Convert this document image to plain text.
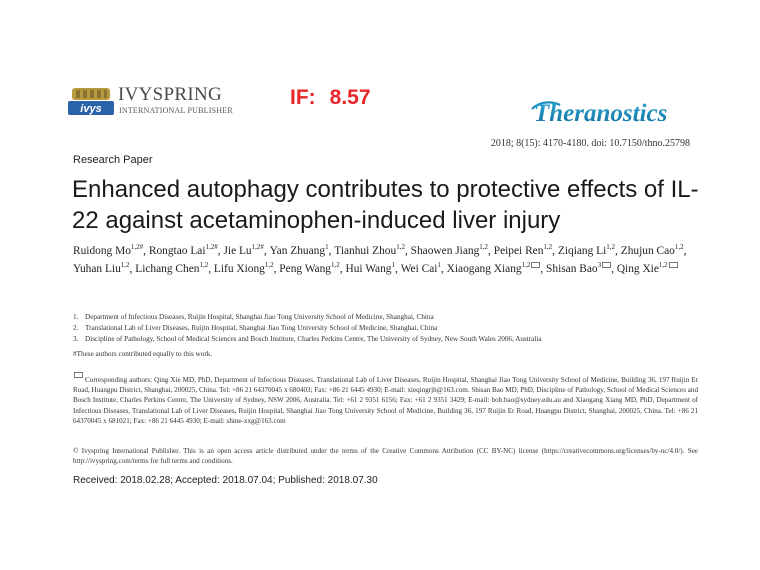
ivys
IVYSPRING
INTERNATIONAL PUBLISHER
IF: 8.57
Theranostics
2018; 8(15): 4170-4180. doi: 10.7150/thno.25798
Research Paper
Enhanced autophagy contributes to protective effects of IL-22 against acetaminophen-induced liver injury
Ruidong $Mo^{1,2\#}$, Rongtao Lai$^{1,2\#}$, Jie $Lu^{1,2\#}$, Yan Zhuang$^1$, Tianhui Zhou$^{1,2}$, Shaowen Jiang$^{1,2}$, Peipei Ren$^{1,2}$, Ziqiang Li$^{1,2}$, Zhujun Cao$^{1,2}$, Yuhan Liu$^{1,2}$, Lichang Chen$^{1,2}$, Lifu Xiong$^{1,2}$, Peng Wang$^{1,2}$, Hui Wang$^1$, Wei Cai$^1$, Xiaogang Xiang$^{1,2}$ , Shisan Bao$^3$ , Qing Xie$^{1,2}$
1. Department of Infectious Diseases, Ruijin Hospital, Shanghai Jiao Tong University School of Medicine, Shanghai, China
2. Translational Lab of Liver Diseases, Ruijin Hospital, Shanghai Jiao Tong University School of Medicine, Shanghai, China
3. Discipline of Pathology, School of Medical Sciences and Bosch Institute, Charles Perkins Centre, The University of Sydney, New South Wales 2006, Australia
#These authors contributed equally to this work.
Corresponding authors: Qing Xie MD, PhD, Department of Infectious Diseases, Translational Lab of Liver Diseases, Ruijin Hospital, Shanghai Jiao Tong University School of Medicine, Building 36, 197 Ruijin Er Road, Huangpu District, Shanghai, 200025, China. Tel: +86 21 64370045 x 680403; Fax: +86 21 6445 4930; E-mail: xieqingrjh@163.com. Shisan Bao MD, PhD, Discipline of Pathology, School of Medical Sciences and Bosch Institute, Charles Perkins Centre, The University of Sydney, NSW 2006, Australia. Tel: +61 2 9351 6156; Fax: +61 2 9351 3429; E-mail: bob.bao@sydney.edu.au and Xiaogang Xiang MD, PhD, Department of Infectious Diseases, Translational Lab of Liver Diseases, Ruijin Hospital, Shanghai Jiao Tong University School of Medicine, Building 36, 197 Ruijin Er Road, Huangpu District, Shanghai, 200025, China. Tel: +86 21 64370045 x 681021; Fax: +86 21 6445 4930; E-mail: shine-xxg@163.com
© Ivyspring International Publisher. This is an open access article distributed under the terms of the Creative Commons Attribution (CC BY-NC) license (https://creativecommons.org/licenses/by-nc/4.0/). See http://ivyspring.com/terms for full terms and conditions.
Received: 2018.02.28; Accepted: 2018.07.04; Published: 2018.07.30
